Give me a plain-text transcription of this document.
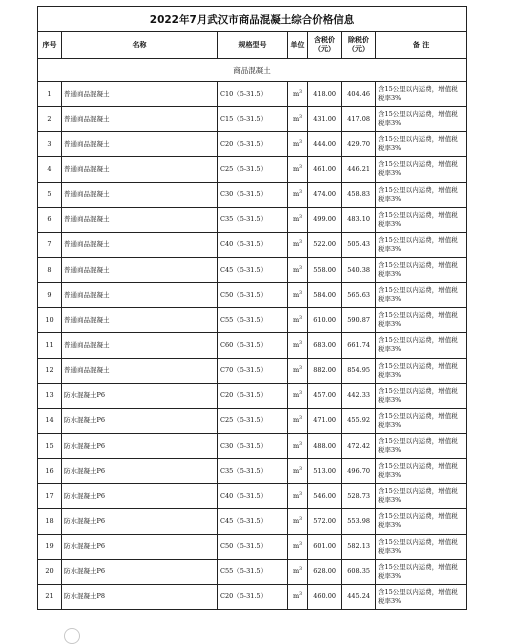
2022年7月武汉市商品混凝土综合价格信息						
序号	名称	规格型号	单位	含税价（元）	除税价（元）	备 注
商品混凝土						
1	普通商品混凝土	C10（5-31.5）	$m^3$	418.00	404.46	含15公里以内运费，增值税税率3%
2	普通商品混凝土	C15（5-31.5）	$m^3$	431.00	417.08	含15公里以内运费，增值税税率3%
3	普通商品混凝土	C20（5-31.5）	$m^3$	444.00	429.70	含15公里以内运费，增值税税率3%
4	普通商品混凝土	C25（5-31.5）	$m^3$	461.00	446.21	含15公里以内运费，增值税税率3%
5	普通商品混凝土	C30（5-31.5）	$m^3$	474.00	458.83	含15公里以内运费，增值税税率3%
6	普通商品混凝土	C35（5-31.5）	$m^3$	499.00	483.10	含15公里以内运费，增值税税率3%
7	普通商品混凝土	C40（5-31.5）	$m^3$	522.00	505.43	含15公里以内运费，增值税税率3%
8	普通商品混凝土	C45（5-31.5）	$m^3$	558.00	540.38	含15公里以内运费，增值税税率3%
9	普通商品混凝土	C50（5-31.5）	$m^3$	584.00	565.63	含15公里以内运费，增值税税率3%
10	普通商品混凝土	C55（5-31.5）	$m^3$	610.00	590.87	含15公里以内运费，增值税税率3%
11	普通商品混凝土	C60（5-31.5）	$m^3$	683.00	661.74	含15公里以内运费，增值税税率3%
12	普通商品混凝土	C70（5-31.5）	$m^3$	882.00	854.95	含15公里以内运费，增值税税率3%
13	防水混凝土P6	C20（5-31.5）	$m^3$	457.00	442.33	含15公里以内运费，增值税税率3%
14	防水混凝土P6	C25（5-31.5）	$m^3$	471.00	455.92	含15公里以内运费，增值税税率3%
15	防水混凝土P6	C30（5-31.5）	$m^3$	488.00	472.42	含15公里以内运费，增值税税率3%
16	防水混凝土P6	C35（5-31.5）	$m^3$	513.00	496.70	含15公里以内运费，增值税税率3%
17	防水混凝土P6	C40（5-31.5）	$m^3$	546.00	528.73	含15公里以内运费，增值税税率3%
18	防水混凝土P6	C45（5-31.5）	$m^3$	572.00	553.98	含15公里以内运费，增值税税率3%
19	防水混凝土P6	C50（5-31.5）	$m^3$	601.00	582.13	含15公里以内运费，增值税税率3%
20	防水混凝土P6	C55（5-31.5）	$m^3$	628.00	608.35	含15公里以内运费，增值税税率3%
21	防水混凝土P8	C20（5-31.5）	$m^3$	460.00	445.24	含15公里以内运费，增值税税率3%
